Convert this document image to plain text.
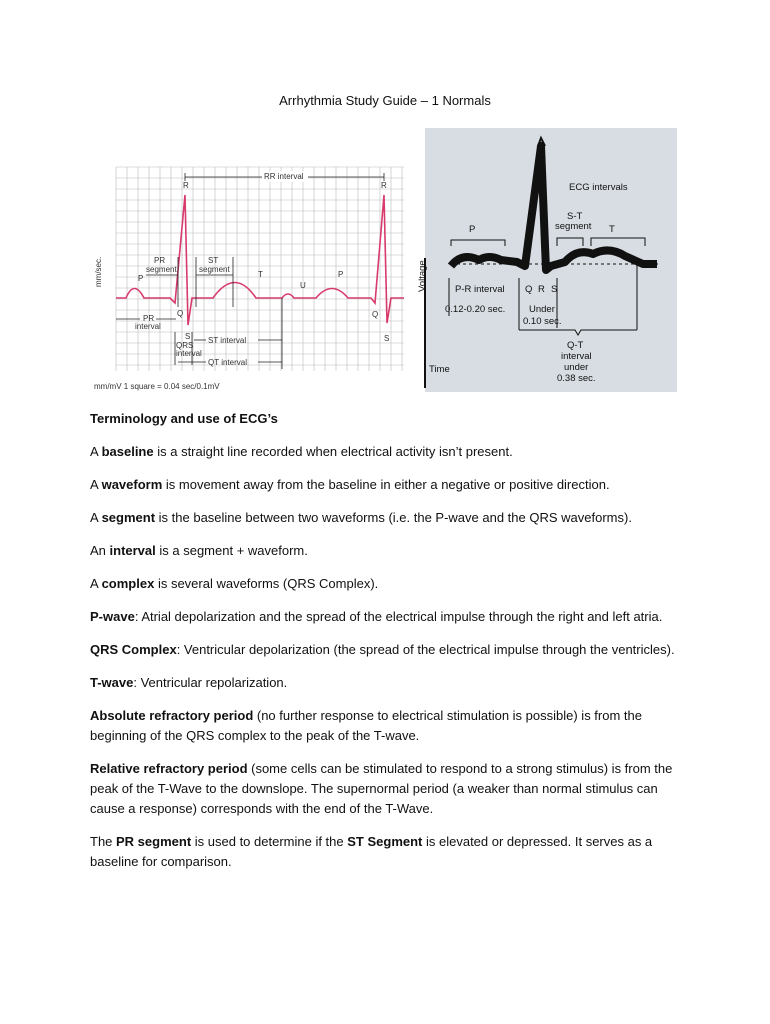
Arrhythmia Study Guide – 1 Normals
RR interval
R	R
mm/sec.	PR
segment
ST
segment
P	T
U
P
Q	Q
S	S
PR
interval
QRS
interval
ST interval
QT interval
mm/mV 1 square = 0.04 sec/0.1mV
ECG intervals
S-T
segment
P	T
Voltage	P-R interval Q R S
0.12-0.20 sec.	Under
0.10 sec.
Q-T
interval
under
0.38 sec.
Time
Terminology and use of ECG’s

A baseline is a straight line recorded when electrical activity isn’t present.

A waveform is movement away from the baseline in either a negative or positive direction.

A segment is the baseline between two waveforms (i.e. the P-wave and the QRS waveforms).

An interval is a segment + waveform.

A complex is several waveforms (QRS Complex).

P-wave: Atrial depolarization and the spread of the electrical impulse through the right and left atria.

QRS Complex: Ventricular depolarization (the spread of the electrical impulse through the ventricles).

T-wave: Ventricular repolarization.

Absolute refractory period (no further response to electrical stimulation is possible) is from the beginning of the QRS complex to the peak of the T-wave.

Relative refractory period (some cells can be stimulated to respond to a strong stimulus) is from the peak of the T-Wave to the downslope. The supernormal period (a weaker than normal stimulus can cause a response) corresponds with the end of the T-Wave.

The PR segment is used to determine if the ST Segment is elevated or depressed. It serves as a baseline for comparison.
